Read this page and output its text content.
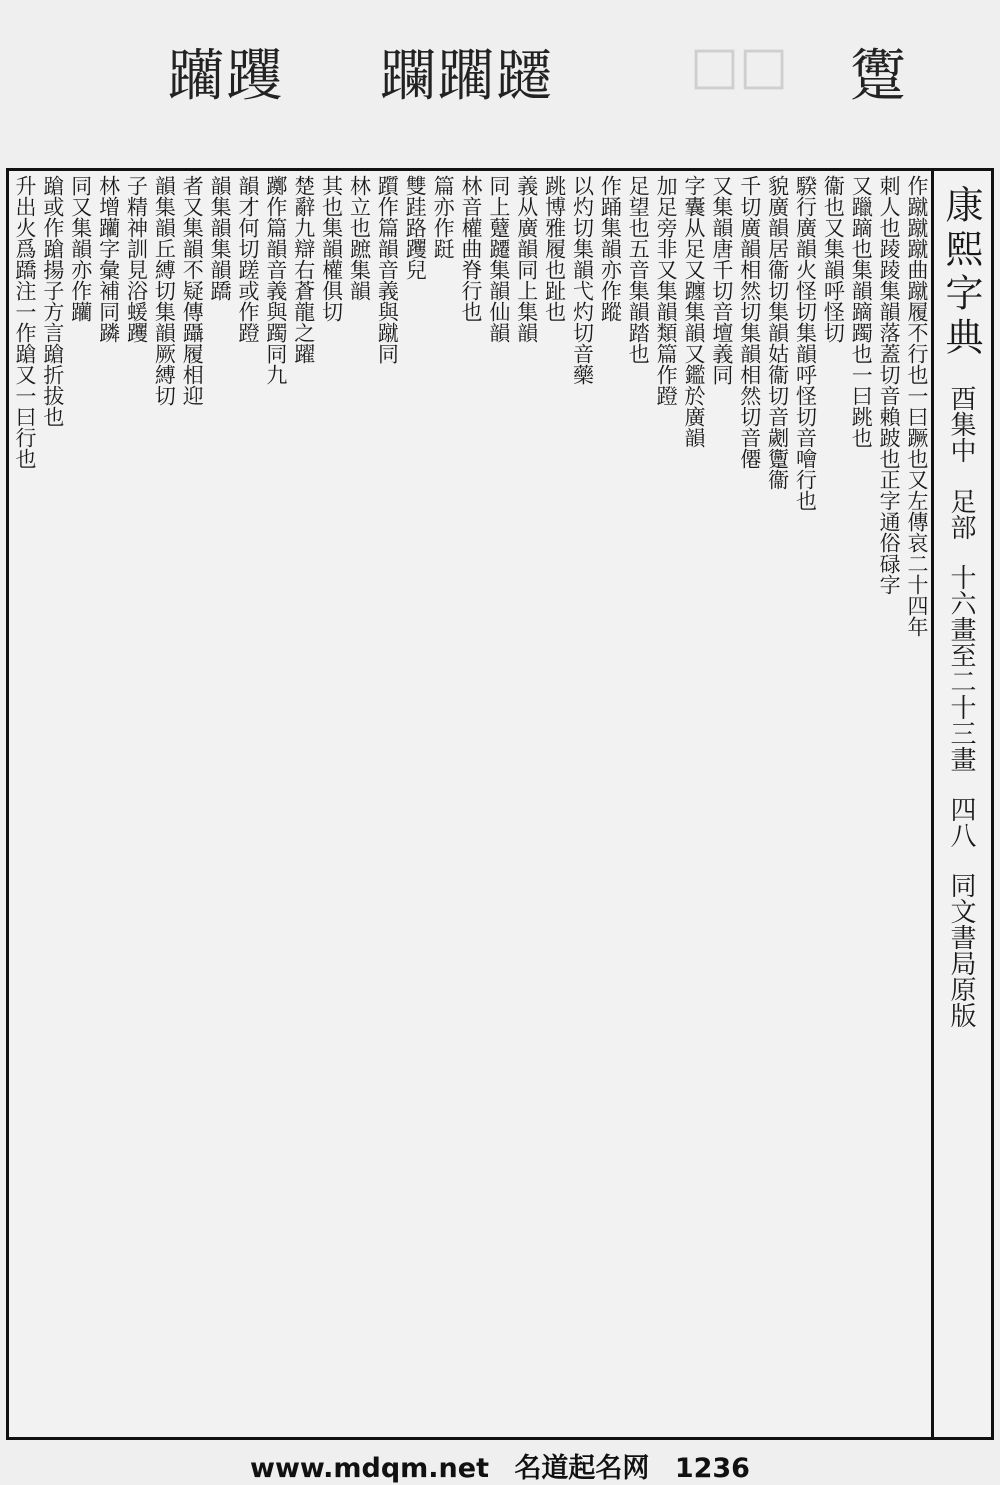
躪躩 躝躙躚	□□ 躗
康熙字典 酉集中 足部 十六畫至二十三畫 四八 同文書局原版
作蹴蹴蹴曲蹴履不行也一曰蹶也又左傳哀二十四年
刺人也踜踜集韻落蓋切音賴跛也正字通俗碌字
又躐蹢也集韻蹢躅也一曰跳也
衞也又集韻呼怪切
騤行廣韻火怪切集韻呼怪切音噲行也
貌廣韻居衞切集韻姑衞切音劌躛衞
千切廣韻相然切集韻相然切音僊
又集韻唐千切音壇義同
字囊从足又躔集韻又鑑於廣韻
加足旁非又集韻類篇作蹬
足望也五音集韻踏也
作踊集韻亦作蹤
以灼切集韻弋灼切音藥
跳博雅履也趾也
義从廣韻同上集韻
同上躠躚集韻仙韻
林音權曲脊行也
篇亦作跹
雙跬路躩兒
躓作篇韻音義與蹴同
林立也蹠集韻
其也集韻權俱切
楚辭九辯右蒼龍之躍
躑作篇韻音義與躅同九
韻才何切蹉或作蹬
韻集韻集韻蹻
者又集韻不疑傳躡履相迎
韻集韻丘縛切集韻厥縛切
子精神訓見浴蝯躩
林增躪字彙補同蹸
同又集韻亦作躪
蹌或作蹌揚子方言蹌折拔也
升出火爲蹻注一作蹌又一曰行也
www.mdqm.net 名道起名网 1236
